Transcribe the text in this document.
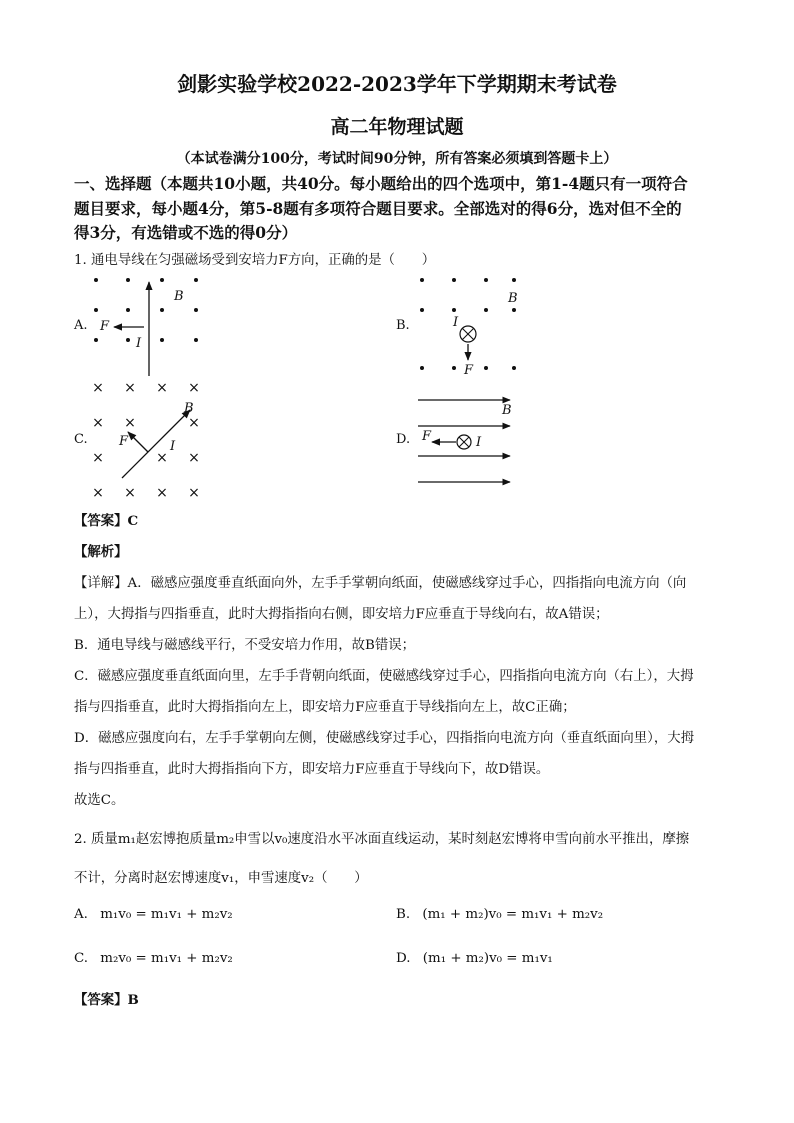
剑影实验学校2022-2023学年下学期期末考试卷
高二年物理试题
（本试卷满分100分，考试时间90分钟，所有答案必须填到答题卡上）
一、选择题（本题共10小题，共40分。每小题给出的四个选项中，第1-4题只有一项符合
题目要求，每小题4分，第5-8题有多项符合题目要求。全部选对的得6分，选对但不全的
得3分，有选错或不选的得0分）
1. 通电导线在匀强磁场受到安培力F方向，正确的是（　　）
A.	B.
C.	D.
B
F
I
B
I
F
× × × ×
× ×	×
×	× ×
× × × ×
B
F	I
B
F	I
【答案】C
【解析】
【详解】A．磁感应强度垂直纸面向外，左手手掌朝向纸面，使磁感线穿过手心，四指指向电流方向（向
上），大拇指与四指垂直，此时大拇指指向右侧，即安培力F应垂直于导线向右，故A错误；
B．通电导线与磁感线平行，不受安培力作用，故B错误；
C．磁感应强度垂直纸面向里，左手手背朝向纸面，使磁感线穿过手心，四指指向电流方向（右上），大拇
指与四指垂直，此时大拇指指向左上，即安培力F应垂直于导线指向左上，故C正确；
D．磁感应强度向右，左手手掌朝向左侧，使磁感线穿过手心，四指指向电流方向（垂直纸面向里），大拇
指与四指垂直，此时大拇指指向下方，即安培力F应垂直于导线向下，故D错误。
故选C。
2. 质量m₁赵宏博抱质量m₂申雪以v₀速度沿水平冰面直线运动，某时刻赵宏博将申雪向前水平推出，摩擦
不计，分离时赵宏博速度v₁，申雪速度v₂（　　）
A. m₁v₀ = m₁v₁ + m₂v₂	B. (m₁ + m₂)v₀ = m₁v₁ + m₂v₂
C. m₂v₀ = m₁v₁ + m₂v₂	D. (m₁ + m₂)v₀ = m₁v₁
【答案】B
